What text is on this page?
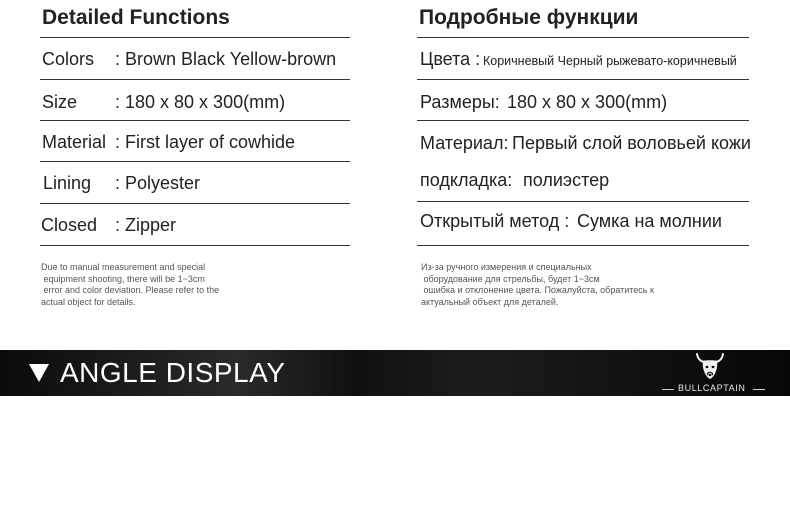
Detailed Functions
Colors : Brown Black Yellow-brown
Size : 180 x 80 x 300(mm)
Material : First layer of cowhide
Lining : Polyester
Closed : Zipper
Due to manual measurement and special
equipment shooting, there will be 1~3cm
error and color deviation. Please refer to the
actual object for details.
Подробные функции
Цвета : Коричневый Черный рыжевато-коричневый
Размеры: 180 x 80 x 300(mm)
Материал: Первый слой воловьей кожи
подкладка: полиэстер
Открытый метод : Сумка на молнии
Из-за ручного измерения и специальных
оборудование для стрельбы, будет 1~3см
ошибка и отклонение цвета. Пожалуйста, обратитесь к
актуальный объект для деталей.
ANGLE DISPLAY	BULLCAPTAIN
